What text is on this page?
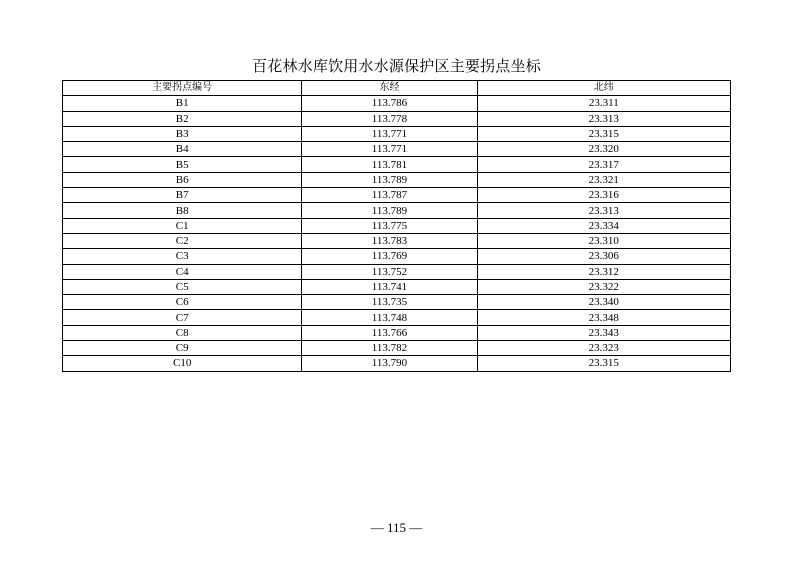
百花林水库饮用水水源保护区主要拐点坐标
主要拐点编号	东经	北纬
B1	113.786	23.311
B2	113.778	23.313
B3	113.771	23.315
B4	113.771	23.320
B5	113.781	23.317
B6	113.789	23.321
B7	113.787	23.316
B8	113.789	23.313
C1	113.775	23.334
C2	113.783	23.310
C3	113.769	23.306
C4	113.752	23.312
C5	113.741	23.322
C6	113.735	23.340
C7	113.748	23.348
C8	113.766	23.343
C9	113.782	23.323
C10	113.790	23.315
— 115 —
